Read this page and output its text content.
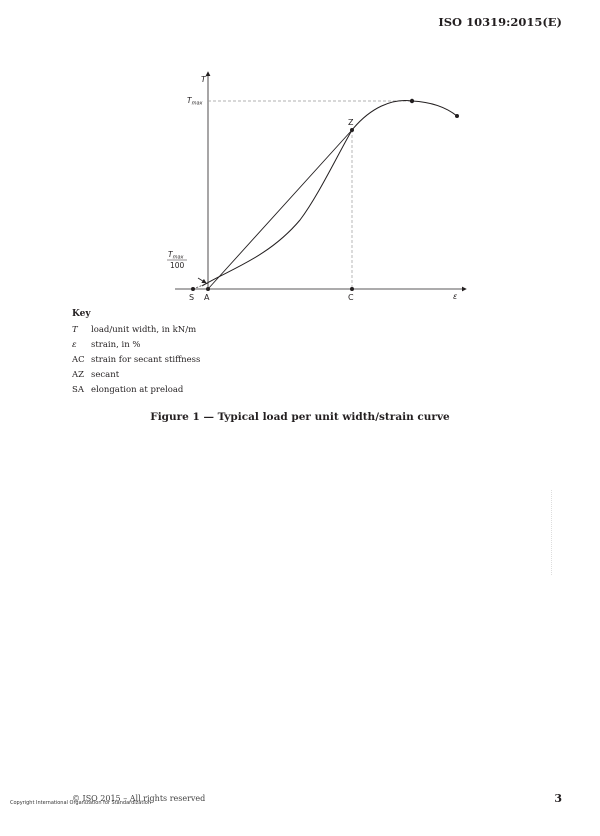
ISO 10319:2015(E)
T
ε
$T_{max}$
$T_{max}$
100
S A	C
Z
Key
T	load/unit width, in kN/m
ε	strain, in %
AC strain for secant stiffness
AZ secant
SA elongation at preload
Figure 1 — Typical load per unit width/strain curve
© ISO 2015 – All rights reserved
Copyright International Organization for Standardization	3
